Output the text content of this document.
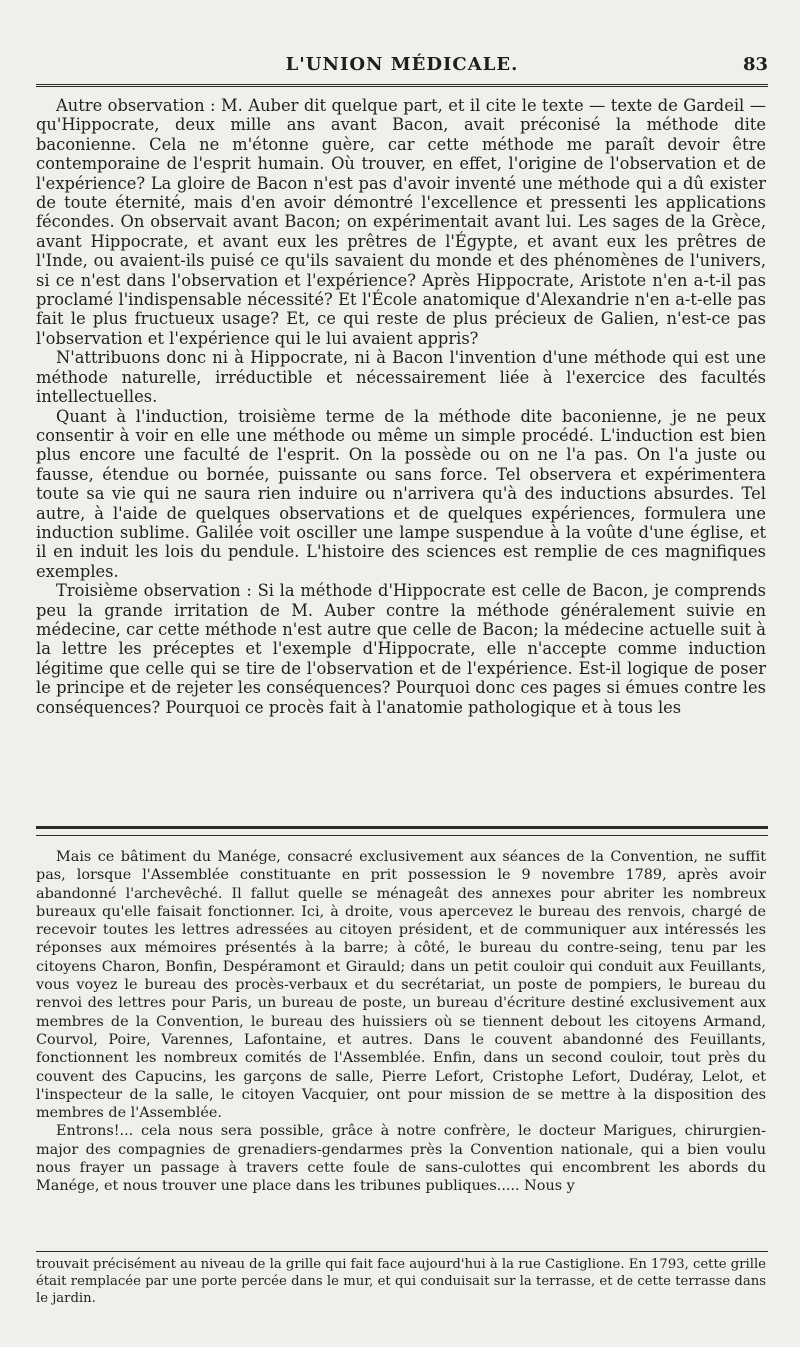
L'UNION MÉDICALE.	83

Autre observation : M. Auber dit quelque part, et il cite le texte — texte de Gardeil — qu'Hippocrate, deux mille ans avant Bacon, avait préconisé la méthode dite baconienne. Cela ne m'étonne guère, car cette méthode me paraît devoir être contemporaine de l'esprit humain. Où trouver, en effet, l'origine de l'observation et de l'expérience? La gloire de Bacon n'est pas d'avoir inventé une méthode qui a dû exister de toute éternité, mais d'en avoir démontré l'excellence et pressenti les applications fécondes. On observait avant Bacon; on expérimentait avant lui. Les sages de la Grèce, avant Hippocrate, et avant eux les prêtres de l'Égypte, et avant eux les prêtres de l'Inde, ou avaient-ils puisé ce qu'ils savaient du monde et des phénomènes de l'univers, si ce n'est dans l'observation et l'expérience? Après Hippocrate, Aristote n'en a-t-il pas proclamé l'indispensable nécessité? Et l'École anatomique d'Alexandrie n'en a-t-elle pas fait le plus fructueux usage? Et, ce qui reste de plus précieux de Galien, n'est-ce pas l'observation et l'expérience qui le lui avaient appris?

N'attribuons donc ni à Hippocrate, ni à Bacon l'invention d'une méthode qui est une méthode naturelle, irréductible et nécessairement liée à l'exercice des facultés intellectuelles.

Quant à l'induction, troisième terme de la méthode dite baconienne, je ne peux consentir à voir en elle une méthode ou même un simple procédé. L'induction est bien plus encore une faculté de l'esprit. On la possède ou on ne l'a pas. On l'a juste ou fausse, étendue ou bornée, puissante ou sans force. Tel observera et expérimentera toute sa vie qui ne saura rien induire ou n'arrivera qu'à des inductions absurdes. Tel autre, à l'aide de quelques observations et de quelques expériences, formulera une induction sublime. Galilée voit osciller une lampe suspendue à la voûte d'une église, et il en induit les lois du pendule. L'histoire des sciences est remplie de ces magnifiques exemples.

Troisième observation : Si la méthode d'Hippocrate est celle de Bacon, je comprends peu la grande irritation de M. Auber contre la méthode généralement suivie en médecine, car cette méthode n'est autre que celle de Bacon; la médecine actuelle suit à la lettre les préceptes et l'exemple d'Hippocrate, elle n'accepte comme induction légitime que celle qui se tire de l'observation et de l'expérience. Est-il logique de poser le principe et de rejeter les conséquences? Pourquoi donc ces pages si émues contre les conséquences? Pourquoi ce procès fait à l'anatomie pathologique et à tous les

Mais ce bâtiment du Manége, consacré exclusivement aux séances de la Convention, ne suffit pas, lorsque l'Assemblée constituante en prit possession le 9 novembre 1789, après avoir abandonné l'archevêché. Il fallut quelle se ménageât des annexes pour abriter les nombreux bureaux qu'elle faisait fonctionner. Ici, à droite, vous apercevez le bureau des renvois, chargé de recevoir toutes les lettres adressées au citoyen président, et de communiquer aux intéressés les réponses aux mémoires présentés à la barre; à côté, le bureau du contre-seing, tenu par les citoyens Charon, Bonfin, Despéramont et Girauld; dans un petit couloir qui conduit aux Feuillants, vous voyez le bureau des procès-verbaux et du secrétariat, un poste de pompiers, le bureau du renvoi des lettres pour Paris, un bureau de poste, un bureau d'écriture destiné exclusivement aux membres de la Convention, le bureau des huissiers où se tiennent debout les citoyens Armand, Courvol, Poire, Varennes, Lafontaine, et autres. Dans le couvent abandonné des Feuillants, fonctionnent les nombreux comités de l'Assemblée. Enfin, dans un second couloir, tout près du couvent des Capucins, les garçons de salle, Pierre Lefort, Cristophe Lefort, Dudéray, Lelot, et l'inspecteur de la salle, le citoyen Vacquier, ont pour mission de se mettre à la disposition des membres de l'Assemblée.

Entrons!... cela nous sera possible, grâce à notre confrère, le docteur Marigues, chirurgien-major des compagnies de grenadiers-gendarmes près la Convention nationale, qui a bien voulu nous frayer un passage à travers cette foule de sans-culottes qui encombrent les abords du Manége, et nous trouver une place dans les tribunes publiques..... Nous y

trouvait précisément au niveau de la grille qui fait face aujourd'hui à la rue Castiglione. En 1793, cette grille était remplacée par une porte percée dans le mur, et qui conduisait sur la terrasse, et de cette terrasse dans le jardin.
